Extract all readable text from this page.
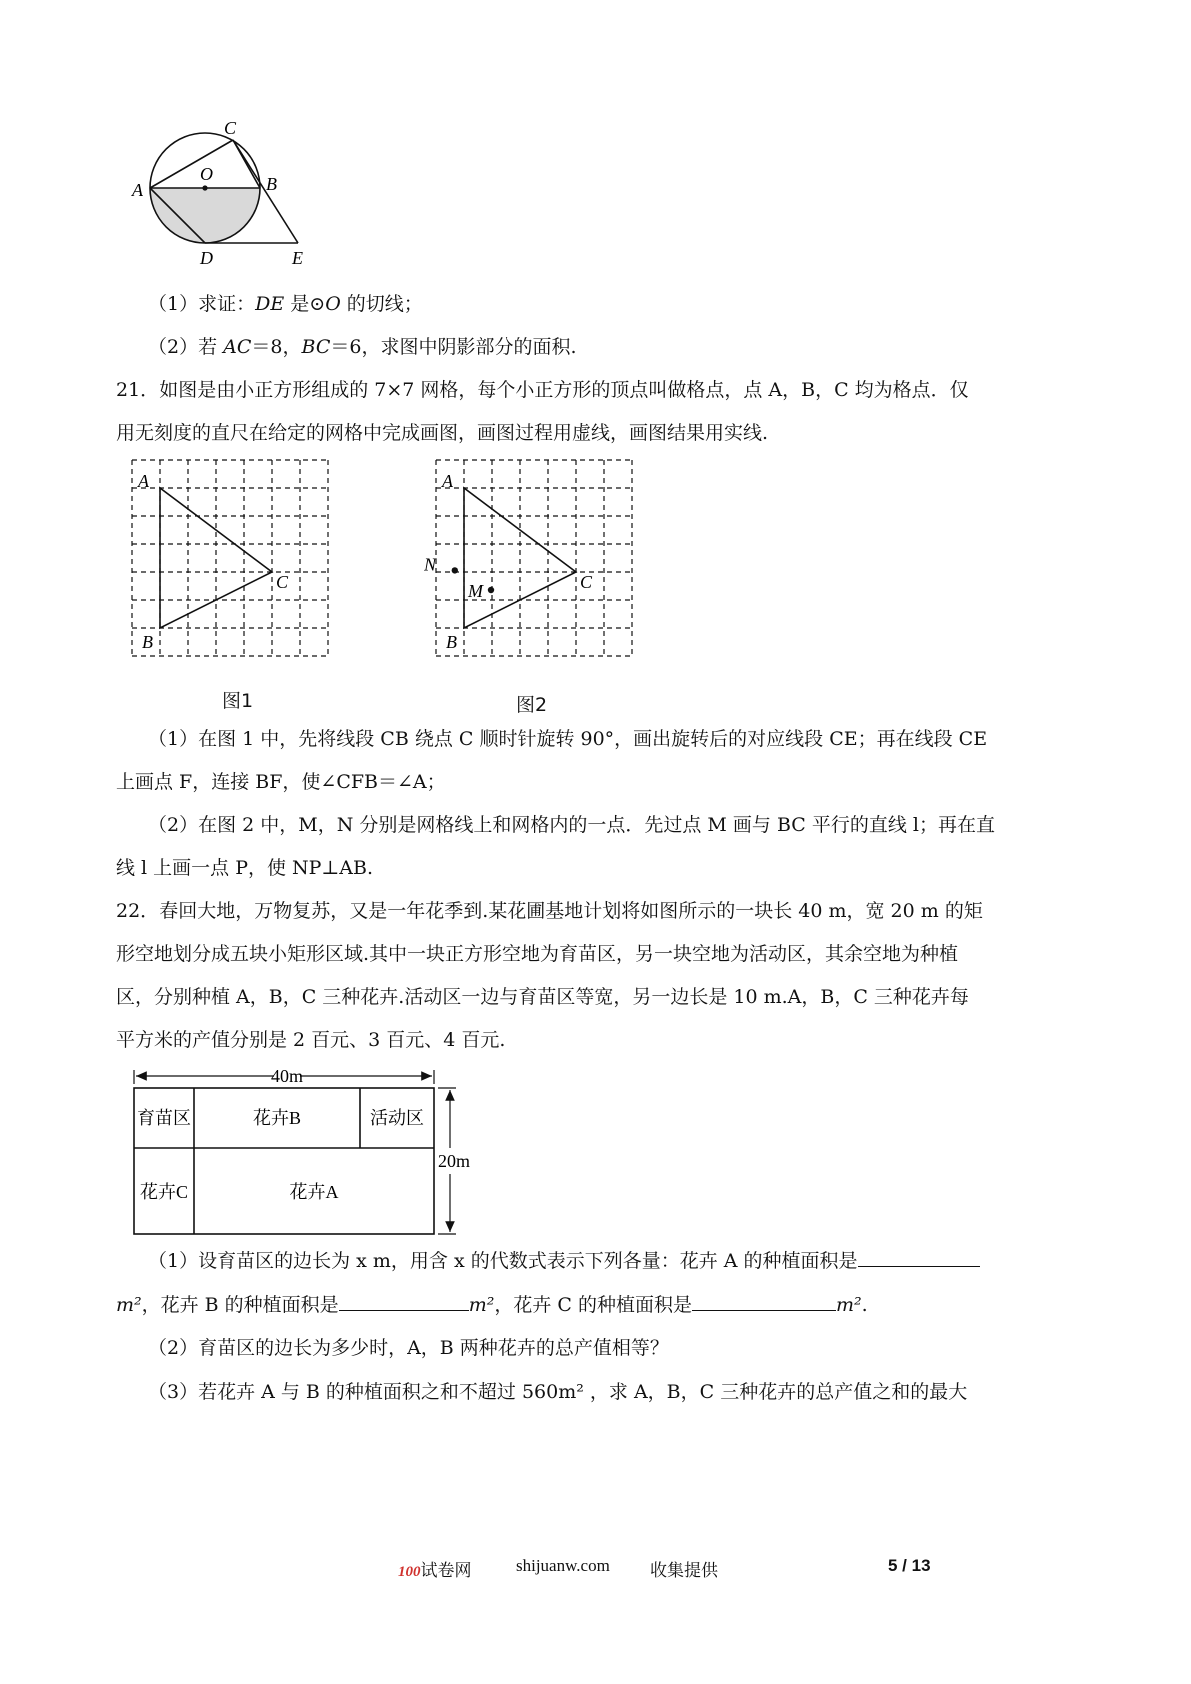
C
O
A	B
D	E
（1）求证：DE 是⊙O 的切线；
（2）若 AC＝8，BC＝6，求图中阴影部分的面积.
21．如图是由小正方形组成的 7×7 网格，每个小正方形的顶点叫做格点，点 A，B，C 均为格点．仅
用无刻度的直尺在给定的网格中完成画图，画图过程用虚线，画图结果用实线.
A
B
C
图1
A
B
C
M
N
图2
（1）在图 1 中，先将线段 CB 绕点 C 顺时针旋转 90°，画出旋转后的对应线段 CE；再在线段 CE
上画点 F，连接 BF，使∠CFB＝∠A；
（2）在图 2 中，M，N 分别是网格线上和网格内的一点．先过点 M 画与 BC 平行的直线 l；再在直
线 l 上画一点 P，使 NP⊥AB.
22．春回大地，万物复苏，又是一年花季到.某花圃基地计划将如图所示的一块长 40 m，宽 20 m 的矩
形空地划分成五块小矩形区域.其中一块正方形空地为育苗区，另一块空地为活动区，其余空地为种植
区，分别种植 A，B，C 三种花卉.活动区一边与育苗区等宽，另一边长是 10 m.A，B，C 三种花卉每
平方米的产值分别是 2 百元、3 百元、4 百元.
40m
20m
育苗区	花卉B	活动区
花卉C	花卉A
（1）设育苗区的边长为 x m，用含 x 的代数式表示下列各量：花卉 A 的种植面积是
m²，花卉 B 的种植面积是	m²，花卉 C 的种植面积是	m².
（2）育苗区的边长为多少时，A，B 两种花卉的总产值相等？
（3）若花卉 A 与 B 的种植面积之和不超过 560m² ，求 A，B，C 三种花卉的总产值之和的最大
100试卷网	shijuanw.com 收集提供	5 / 13
